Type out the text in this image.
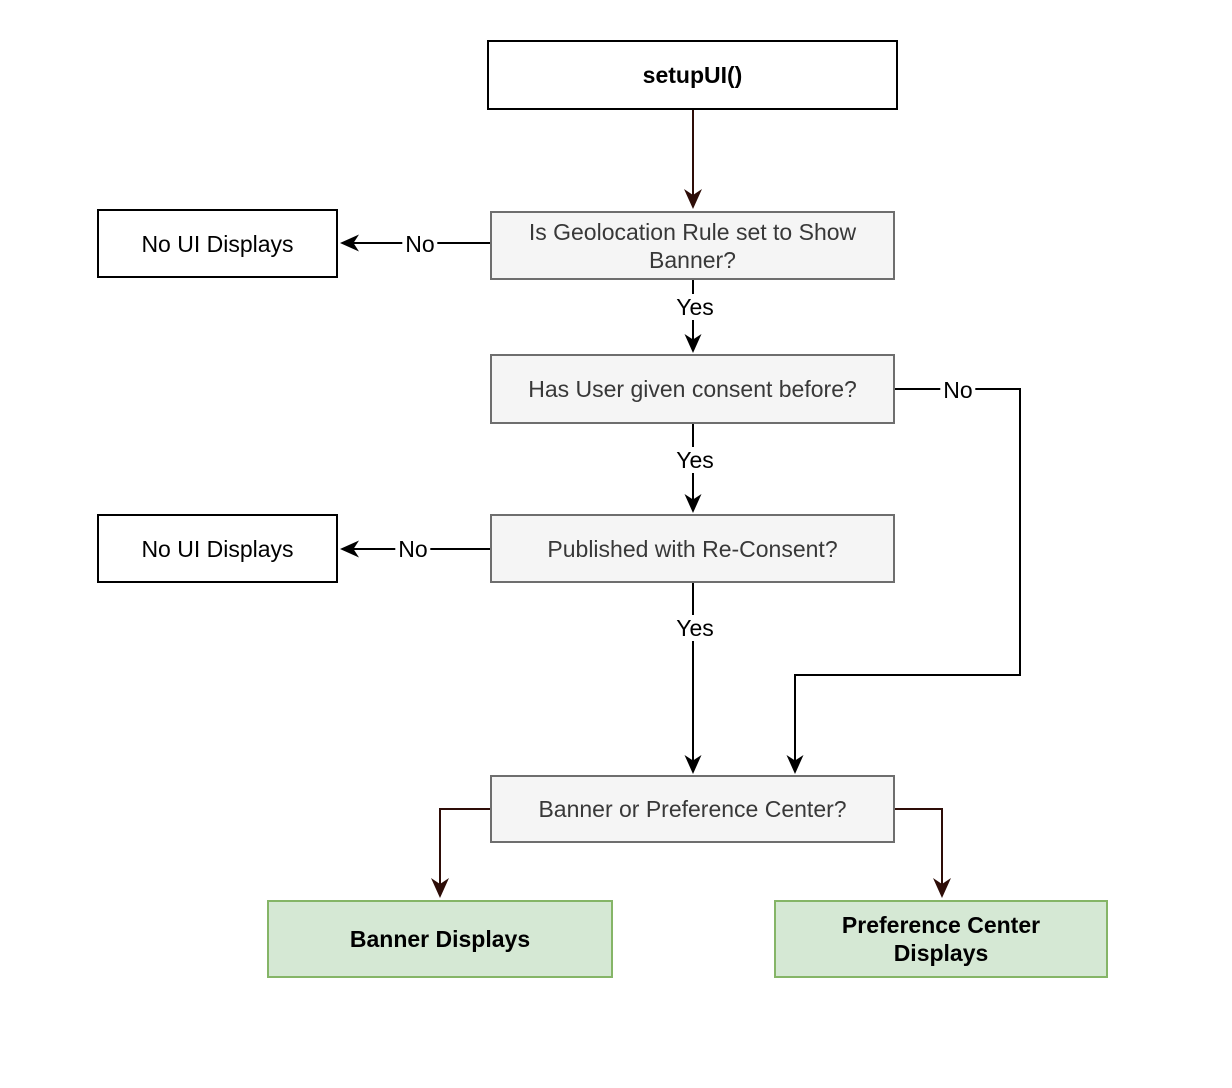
setupUI()
Is Geolocation Rule set to Show Banner?
No UI Displays
Has User given consent before?
No UI Displays	Published with Re-Consent?
Banner or Preference Center?
Banner Displays
Preference Center Displays
No
Yes
Yes
No
No
Yes
